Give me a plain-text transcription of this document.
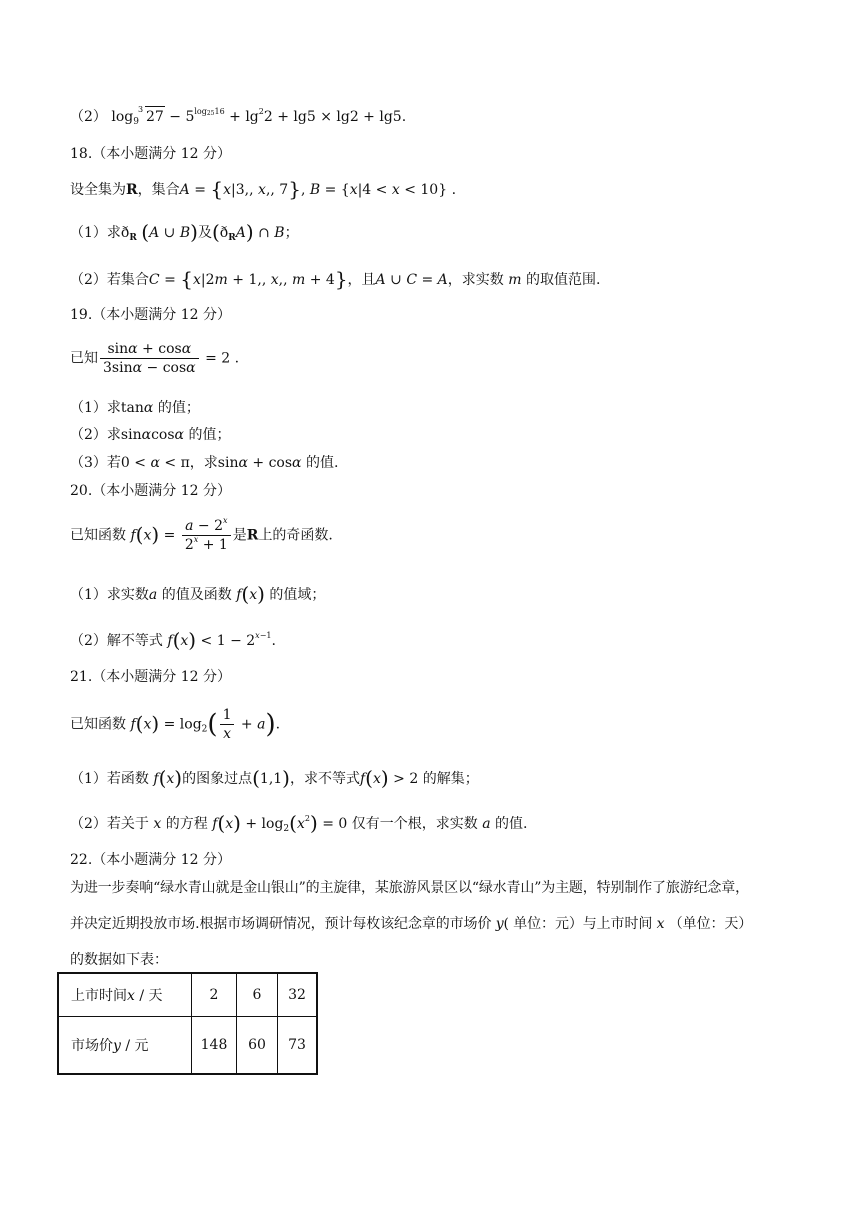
（2） $\log_9$
3 $27 - 5^{log_{25}16} + \lg^22 + \lg 5 \times \lg 2 + \lg 5$.
18.（本小题满分 12 分）
设全集为R，集合A = {x|3,, x,, 7}, B = {x|4 < x < 10} .
（1）求$ð_R$ (A ∪ B)及$(ð_RA)$ ∩ B；
（2）若集合C = {x|2m + 1,, x,, m + 4}，且A ∪ C = A，求实数 m 的取值范围.
19.（本小题满分 12 分）
已知 $\frac{\sin\alpha + \cos\alpha}{3\sin\alpha - \cos\alpha} = 2$ .
（1）求tanα 的值；
（2）求sinαcosα 的值；
（3）若0 < α < π，求sinα + cosα 的值.
20.（本小题满分 12 分）
已知函数 $f(x) = \frac{a - 2^x}{2^x + 1}$ 是R上的奇函数.
（1）求实数a 的值及函数 f(x) 的值域；
（2）解不等式 $f(x) < 1 - 2^{x-1}$.
21.（本小题满分 12 分）
已知函数 $f(x) = \log_2( \frac{1}{x} + a)$.
（1）若函数 f(x)的图象过点(1,1)，求不等式f(x) > 2 的解集；
（2）若关于 x 的方程 $f(x) + \log_2(x^2) = 0$ 仅有一个根，求实数 a 的值.
22.（本小题满分 12 分）
为进一步奏响“绿水青山就是金山银山”的主旋律，某旅游风景区以“绿水青山”为主题，特别制作了旅游纪念章，
并决定近期投放市场.根据市场调研情况，预计每枚该纪念章的市场价 y( 单位：元）与上市时间 x （单位：天）
的数据如下表：
上市时间x / 天	2	6	32
市场价y / 元	148	60	73
